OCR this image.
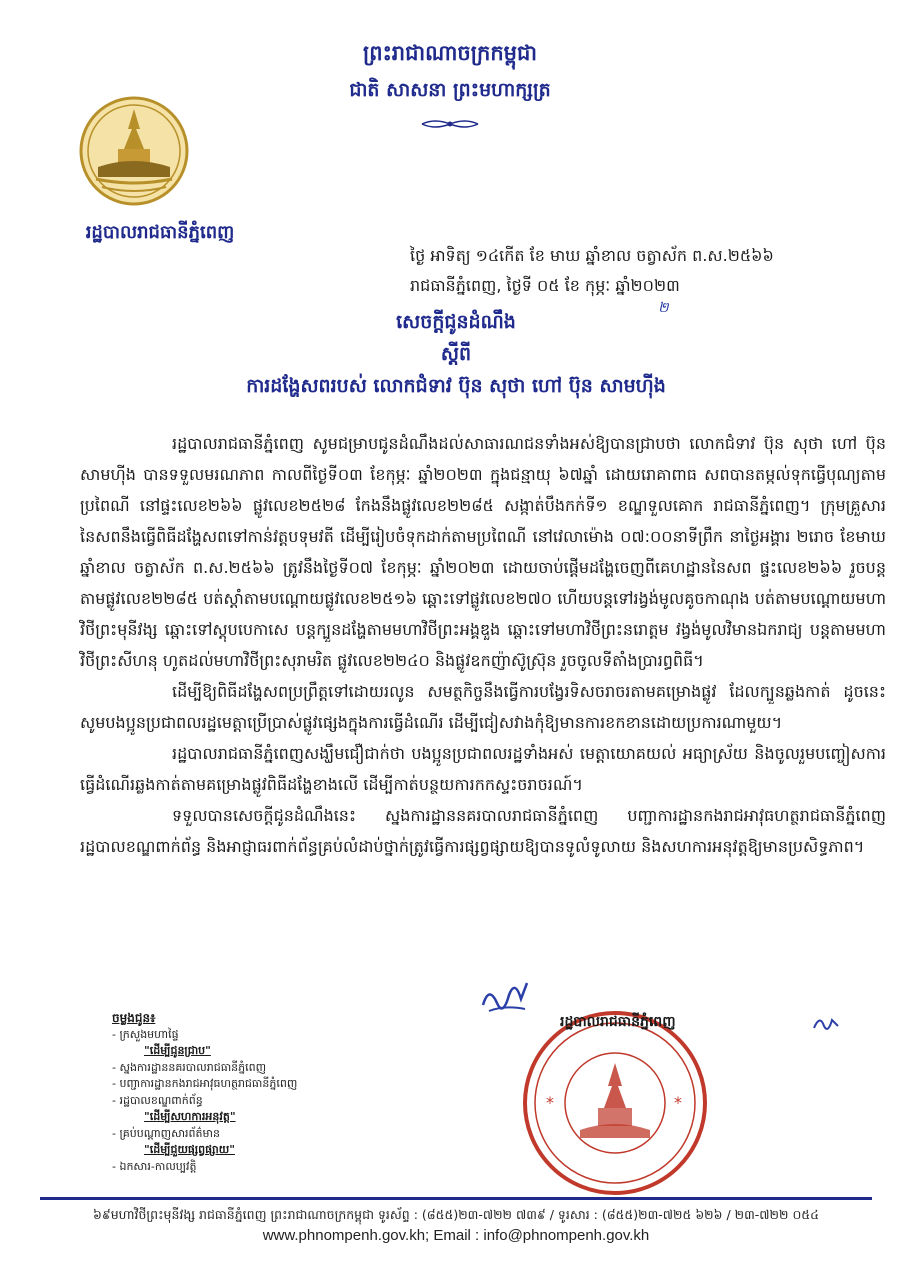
ព្រះរាជាណាចក្រកម្ពុជា
ជាតិ សាសនា ព្រះមហាក្សត្រ
រដ្ឋបាលរាជធានីភ្នំពេញ
ថ្ងៃ អាទិត្យ ១៤កើត ខែ មាឃ ឆ្នាំខាល ចត្វាស័ក ព.ស.២៥៦៦
រាជធានីភ្នំពេញ, ថ្ងៃទី ០៥ ខែ កុម្ភៈ ឆ្នាំ២០២៣
២
សេចក្តីជូនដំណឹង
ស្តីពី
ការដង្ហែសពរបស់ លោកជំទាវ ប៊ុន សុថា ហៅ ប៊ុន សាមហ៊ីង

រដ្ឋបាលរាជធានីភ្នំពេញ សូមជម្រាបជូនដំណឹងដល់សាធារណជនទាំងអស់ឱ្យបានជ្រាបថា លោកជំទាវ ប៊ុន សុថា ហៅ ប៊ុន សាមហ៊ីង បានទទួលមរណភាព កាលពីថ្ងៃទី០៣ ខែកុម្ភៈ ឆ្នាំ២០២៣ ក្នុងជន្មាយុ ៦៧ឆ្នាំ ដោយរោគាពាធ សពបានតម្កល់ទុកធ្វើបុណ្យតាមប្រពៃណី នៅផ្ទះលេខ២៦៦ ផ្លូវលេខ២៥២៨ កែងនឹងផ្លូវលេខ២២៨៥ សង្កាត់បឹងកក់ទី១ ខណ្ឌទួលគោក រាជធានីភ្នំពេញ។ ក្រុមគ្រួសារនៃសពនឹងធ្វើពិធីដង្ហែសពទៅកាន់វត្តបទុមវតី ដើម្បីរៀបចំទុកដាក់តាមប្រពៃណី នៅវេលាម៉ោង ០៧:០០នាទីព្រឹក នាថ្ងៃអង្គារ ២រោច ខែមាឃ ឆ្នាំខាល ចត្វាស័ក ព.ស.២៥៦៦ ត្រូវនឹងថ្ងៃទី០៧ ខែកុម្ភៈ ឆ្នាំ២០២៣ ដោយចាប់ផ្តើមដង្ហែចេញពីគេហដ្ឋាននៃសព ផ្ទះលេខ២៦៦ រួចបន្តតាមផ្លូវលេខ២២៨៥ បត់ស្តាំតាមបណ្តោយផ្លូវលេខ២៥១៦ ឆ្ពោះទៅផ្លូវលេខ២៧០ ហើយបន្តទៅរង្វង់មូលគូចកាណុង បត់តាមបណ្តោយមហាវិថីព្រះមុនីវង្ស ឆ្ពោះទៅស្តុបបេកាសេ បន្តក្បួនដង្ហែតាមមហាវិថីព្រះអង្គឌួង ឆ្ពោះទៅមហាវិថីព្រះនរោត្តម វង្វង់មូលវិមានឯករាជ្យ បន្តតាមមហាវិថីព្រះសីហនុ ហូតដល់មហាវិថីព្រះសុរាមរិត ផ្លូវលេខ២២៤០ និងផ្លូវឧកញ៉ាស៊ូស្រ៊ុន រួចចូលទីតាំងប្រារព្ធពិធី។

ដើម្បីឱ្យពិធីដង្ហែសពប្រព្រឹត្តទៅដោយរលូន សមត្ថកិច្ចនឹងធ្វើការបង្វែរទិសចរាចរតាមគម្រោងផ្លូវ ដែលក្បួនឆ្លងកាត់ ដូចនេះសូមបងប្អូនប្រជាពលរដ្ឋមេត្តាប្រើប្រាស់ផ្លូវផ្សេងក្នុងការធ្វើដំណើរ ដើម្បីជៀសវាងកុំឱ្យមានការខកខានដោយប្រការណាមួយ។

រដ្ឋបាលរាជធានីភ្នំពេញសង្ឃឹមជឿជាក់ថា បងប្អូនប្រជាពលរដ្ឋទាំងអស់ មេត្តាយោគយល់ អធ្យាស្រ័យ និងចូលរួមបញ្ចៀសការធ្វើដំណើរឆ្លងកាត់តាមគម្រោងផ្លូវពិធីដង្ហែខាងលើ ដើម្បីកាត់បន្ថយការកកស្ទះចរាចរណ៍។

ទទួលបានសេចក្តីជូនដំណឹងនេះ ស្នងការដ្ឋាននគរបាលរាជធានីភ្នំពេញ បញ្ជាការដ្ឋានកងរាជអាវុធហត្ថរាជធានីភ្នំពេញ រដ្ឋបាលខណ្ឌពាក់ព័ន្ធ និងអាជ្ញាធរពាក់ព័ន្ធគ្រប់លំដាប់ថ្នាក់ត្រូវធ្វើការផ្សព្វផ្សាយឱ្យបានទូលំទូលាយ និងសហការអនុវត្តឱ្យមានប្រសិទ្ធភាព។

ចម្លងជូន៖
- ក្រសួងមហាផ្ទៃ
"ដើម្បីជូនជ្រាប"
- ស្នងការដ្ឋាននគរបាលរាជធានីភ្នំពេញ
- បញ្ជាការដ្ឋានកងរាជអាវុធហត្ថរាជធានីភ្នំពេញ
- រដ្ឋបាលខណ្ឌពាក់ព័ន្ធ
"ដើម្បីសហការអនុវត្ត"
- គ្រប់បណ្តាញសារព័ត៌មាន
"ដើម្បីជួយផ្សព្វផ្សាយ"
- ឯកសារ-កាលប្បវត្តិ
*	*
រដ្ឋបាលរាជធានីភ្នំពេញ
៦៩មហាវិថីព្រះមុនីវង្ស រាជធានីភ្នំពេញ ព្រះរាជាណាចក្រកម្ពុជា ទូរស័ព្ទ : (៨៥៥)២៣-៧២២ ៧៣៩ / ទូរសារ : (៨៥៥)២៣-៧២៥ ៦២៦ / ២៣-៧២២ ០៥៤
www.phnompenh.gov.kh; Email : info@phnompenh.gov.kh
